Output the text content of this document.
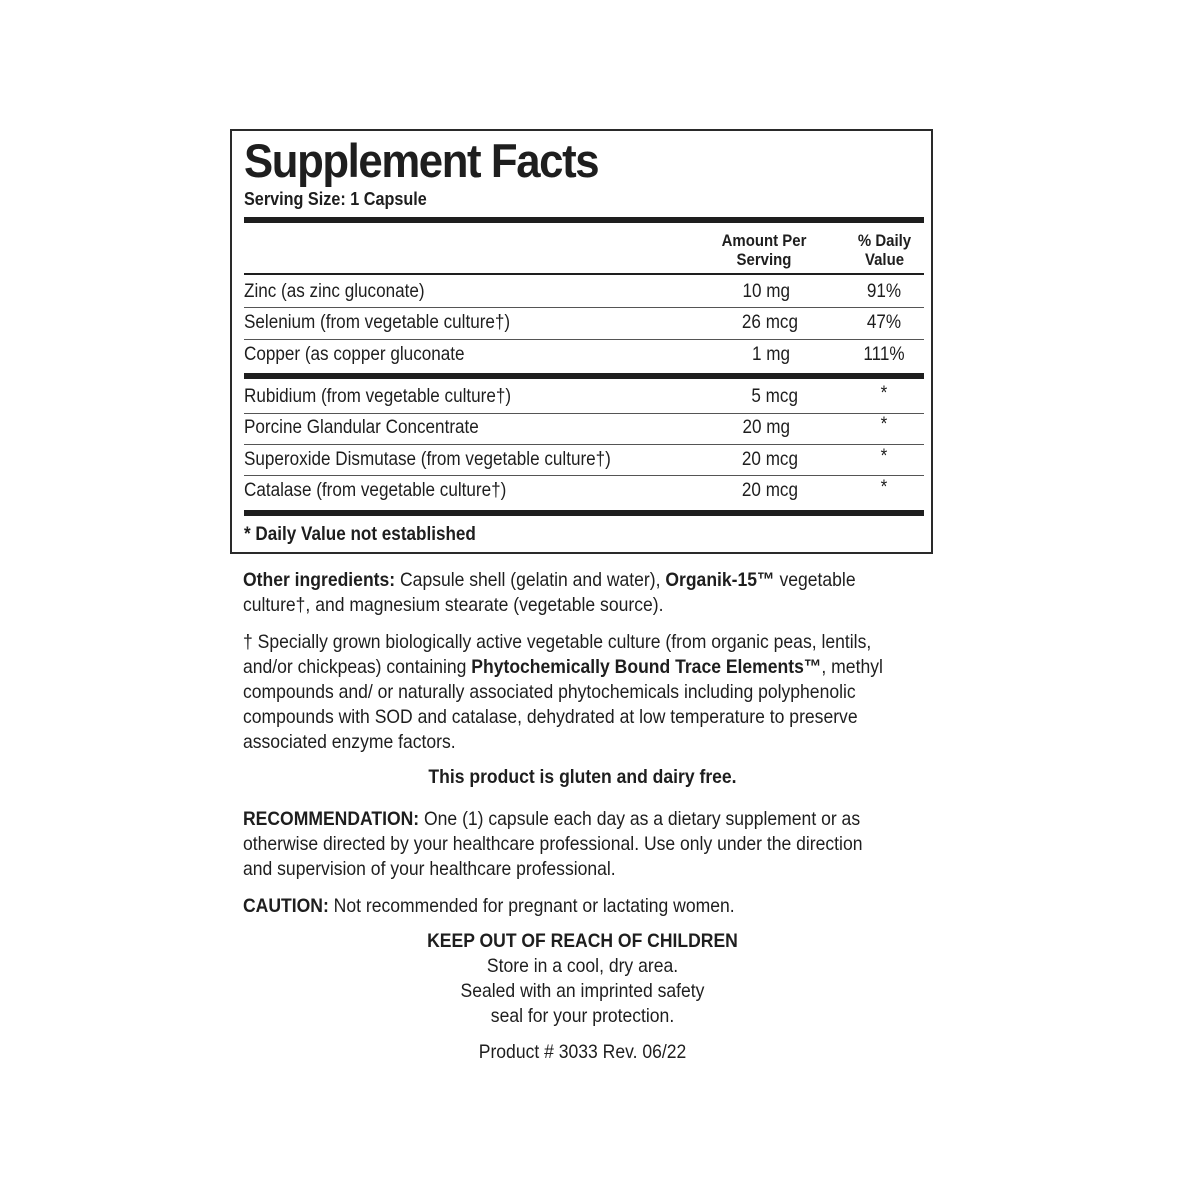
Supplement Facts
Serving Size: 1 Capsule
Amount Per
Serving
% Daily
Value
Zinc (as zinc gluconate)	10 mg	91%
Selenium (from vegetable culture†)	26 mcg	47%
Copper (as copper gluconate	1 mg	111%
Rubidium (from vegetable culture†)	5 mcg	*
Porcine Glandular Concentrate	20 mg	*
Superoxide Dismutase (from vegetable culture†)	20 mcg	*
Catalase (from vegetable culture†)	20 mcg	*
* Daily Value not established
Other ingredients: Capsule shell (gelatin and water), Organik-15™ vegetable
culture†, and magnesium stearate (vegetable source).
† Specially grown biologically active vegetable culture (from organic peas, lentils,
and/or chickpeas) containing Phytochemically Bound Trace Elements™, methyl
compounds and/ or naturally associated phytochemicals including polyphenolic
compounds with SOD and catalase, dehydrated at low temperature to preserve
associated enzyme factors.
This product is gluten and dairy free.
RECOMMENDATION: One (1) capsule each day as a dietary supplement or as
otherwise directed by your healthcare professional. Use only under the direction
and supervision of your healthcare professional.
CAUTION: Not recommended for pregnant or lactating women.
KEEP OUT OF REACH OF CHILDREN
Store in a cool, dry area.
Sealed with an imprinted safety
seal for your protection.
Product # 3033 Rev. 06/22
